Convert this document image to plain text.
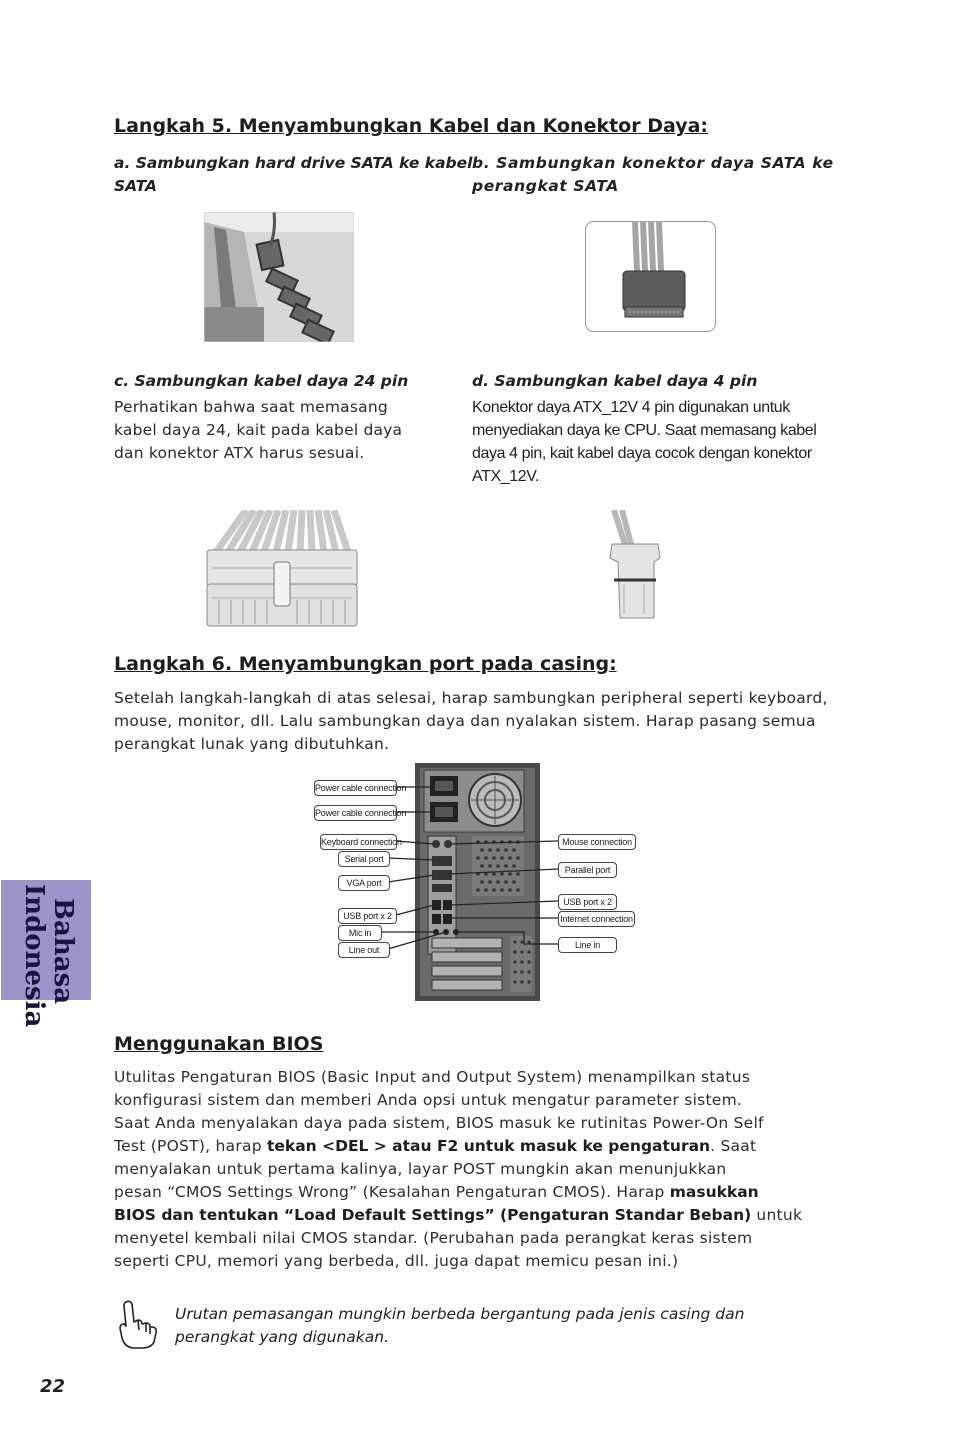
Langkah 5. Menyambungkan Kabel dan Konektor Daya:
a. Sambungkan hard drive SATA ke kabel
SATA
b. Sambungkan konektor daya SATA ke
perangkat SATA
c. Sambungkan kabel daya 24 pin
Perhatikan bahwa saat memasang
kabel daya 24, kait pada kabel daya
dan konektor ATX harus sesuai.
d. Sambungkan kabel daya 4 pin
Konektor daya ATX_12V 4 pin digunakan untuk
menyediakan daya ke CPU. Saat memasang kabel
daya 4 pin, kait kabel daya cocok dengan konektor
ATX_12V.
Langkah 6. Menyambungkan port pada casing:
Setelah langkah-langkah di atas selesai, harap sambungkan peripheral seperti keyboard,
mouse, monitor, dll. Lalu sambungkan daya dan nyalakan sistem. Harap pasang semua
perangkat lunak yang dibutuhkan.
Power cable connection
Power cable connection
Keyboard connection
Serial port
VGA port
USB port x 2
Mic in
Line out
Mouse connection
Parallel port
USB port x 2
Internet connection
Line in
Bahasa
Indonesia
Menggunakan BIOS
Utulitas Pengaturan BIOS (Basic Input and Output System) menampilkan status
konfigurasi sistem dan memberi Anda opsi untuk mengatur parameter sistem.
Saat Anda menyalakan daya pada sistem, BIOS masuk ke rutinitas Power-On Self
Test (POST), harap tekan <DEL > atau F2 untuk masuk ke pengaturan. Saat
menyalakan untuk pertama kalinya, layar POST mungkin akan menunjukkan
pesan “CMOS Settings Wrong” (Kesalahan Pengaturan CMOS). Harap masukkan
BIOS dan tentukan “Load Default Settings” (Pengaturan Standar Beban) untuk
menyetel kembali nilai CMOS standar. (Perubahan pada perangkat keras sistem
seperti CPU, memori yang berbeda, dll. juga dapat memicu pesan ini.)
Urutan pemasangan mungkin berbeda bergantung pada jenis casing dan
perangkat yang digunakan.
22
